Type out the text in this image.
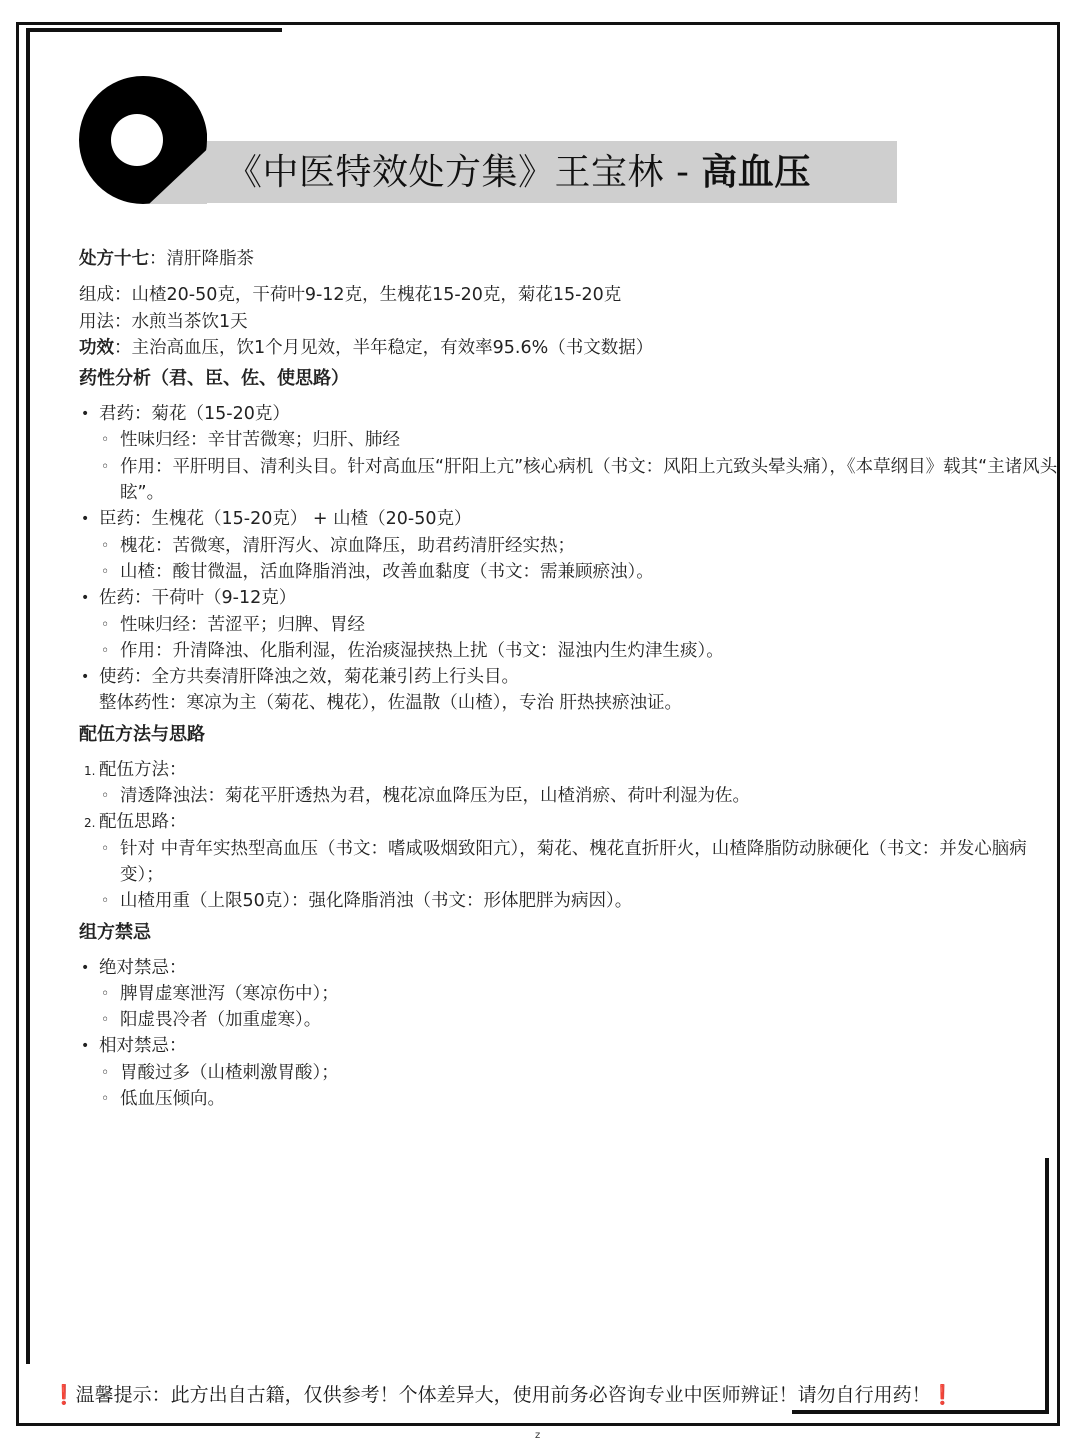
《中医特效处方集》王宝林 - 高血压
处方十七：清肝降脂茶
组成：山楂20-50克，干荷叶9-12克，生槐花15-20克，菊花15-20克
用法：水煎当茶饮1天
功效：主治高血压，饮1个月见效，半年稳定，有效率95.6%（书文数据）
药性分析（君、臣、佐、使思路）
• 君药：菊花（15-20克）
◦ 性味归经：辛甘苦微寒；归肝、肺经
◦ 作用：平肝明目、清利头目。针对高血压“肝阳上亢”核心病机（书文：风阳上亢致头晕头痛），《本草纲目》载其“主诸风头眩”。
• 臣药：生槐花（15-20克） + 山楂（20-50克）
◦ 槐花：苦微寒，清肝泻火、凉血降压，助君药清肝经实热；
◦ 山楂：酸甘微温，活血降脂消浊，改善血黏度（书文：需兼顾瘀浊）。
• 佐药：干荷叶（9-12克）
◦ 性味归经：苦涩平；归脾、胃经
◦ 作用：升清降浊、化脂利湿，佐治痰湿挟热上扰（书文：湿浊内生灼津生痰）。
• 使药：全方共奏清肝降浊之效，菊花兼引药上行头目。
整体药性：寒凉为主（菊花、槐花），佐温散（山楂），专治 肝热挟瘀浊证。
配伍方法与思路
1. 配伍方法：
◦ 清透降浊法：菊花平肝透热为君，槐花凉血降压为臣，山楂消瘀、荷叶利湿为佐。
2. 配伍思路：
◦ 针对 中青年实热型高血压（书文：嗜咸吸烟致阳亢），菊花、槐花直折肝火，山楂降脂防动脉硬化（书文：并发心脑病变）；
◦ 山楂用重（上限50克）：强化降脂消浊（书文：形体肥胖为病因）。
组方禁忌
• 绝对禁忌：
◦ 脾胃虚寒泄泻（寒凉伤中）；
◦ 阳虚畏冷者（加重虚寒）。
• 相对禁忌：
◦ 胃酸过多（山楂刺激胃酸）；
◦ 低血压倾向。
❗温馨提示：此方出自古籍，仅供参考！个体差异大，使用前务必咨询专业中医师辨证！请勿自行用药！❗
z
